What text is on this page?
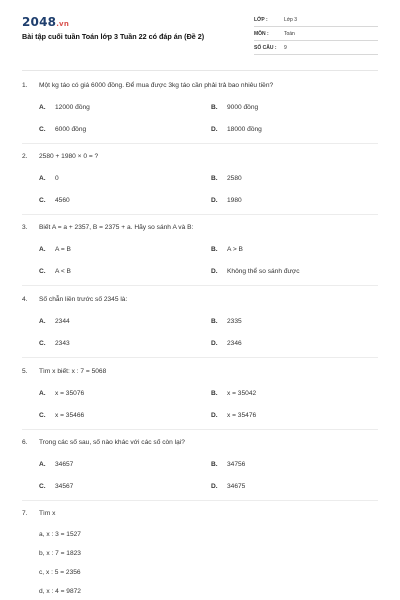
2048.vn
Bài tập cuối tuần Toán lớp 3 Tuần 22 có đáp án (Đề 2)
LỚP :	Lớp 3
MÔN :	Toán
SỐ CÂU : 9
1. Một kg táo có giá 6000 đồng. Để mua được 3kg táo cần phải trả bao nhiêu tiền?
A. 12000 đồng	B. 9000 đồng
C. 6000 đồng	D. 18000 đồng
2. 2580 + 1980 × 0 = ?
A. 0	B. 2580
C. 4560	D. 1980
3. Biết A = a + 2357, B = 2375 + a. Hãy so sánh A và B:
A. A = B	B. A > B
C. A < B	D. Không thể so sánh được
4. Số chẵn liền trước số 2345 là:
A. 2344	B. 2335
C. 2343	D. 2346
5. Tìm x biết: x : 7 = 5068
A. x = 35076	B. x = 35042
C. x = 35466	D. x = 35476
6. Trong các số sau, số nào khác với các số còn lại?
A. 34657	B. 34756
C. 34567	D. 34675
7. Tìm x
a, x : 3 = 1527
b, x : 7 = 1823
c, x : 5 = 2356
d, x : 4 = 9872
